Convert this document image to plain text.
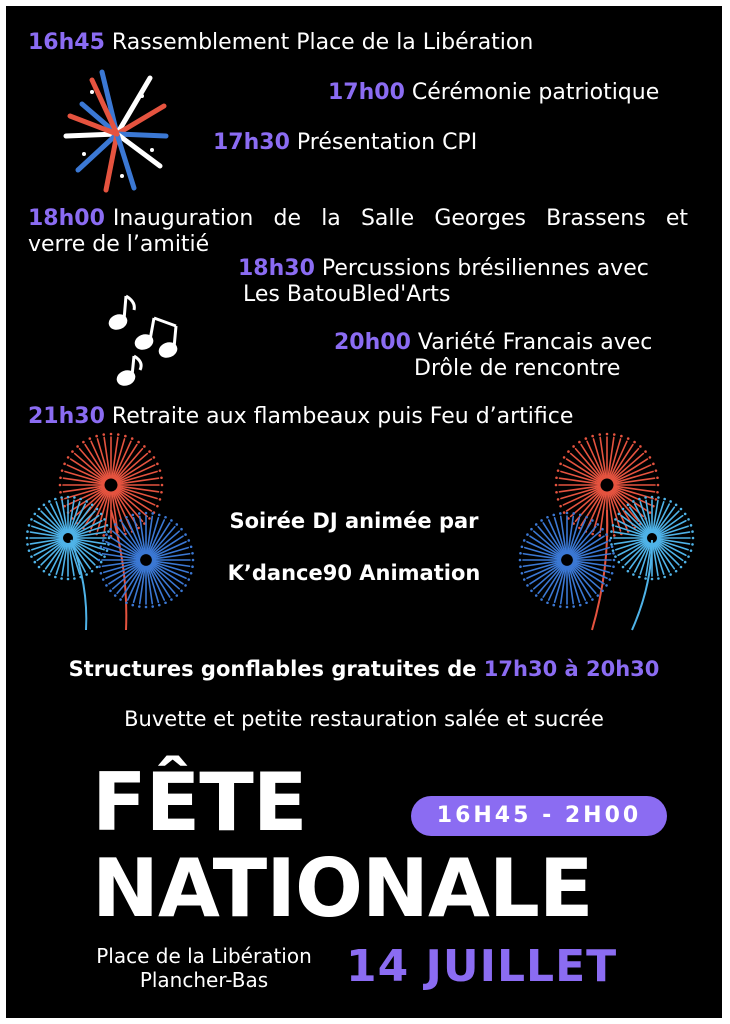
16h45 Rassemblement Place de la Libération
17h00 Cérémonie patriotique
17h30 Présentation CPI
18h00 Inauguration de la Salle Georges Brassens et
verre de l’amitié
18h30 Percussions brésiliennes avec
Les BatouBled'Arts
20h00 Variété Francais avec
Drôle de rencontre
21h30 Retraite aux flambeaux puis Feu d’artifice
Soirée DJ animée par
K’dance90 Animation
Structures gonflables gratuites de 17h30 à 20h30
Buvette et petite restauration salée et sucrée
FÊTE
NATIONALE
16H45 - 2H00
Place de la Libération
Plancher-Bas	14 JUILLET
